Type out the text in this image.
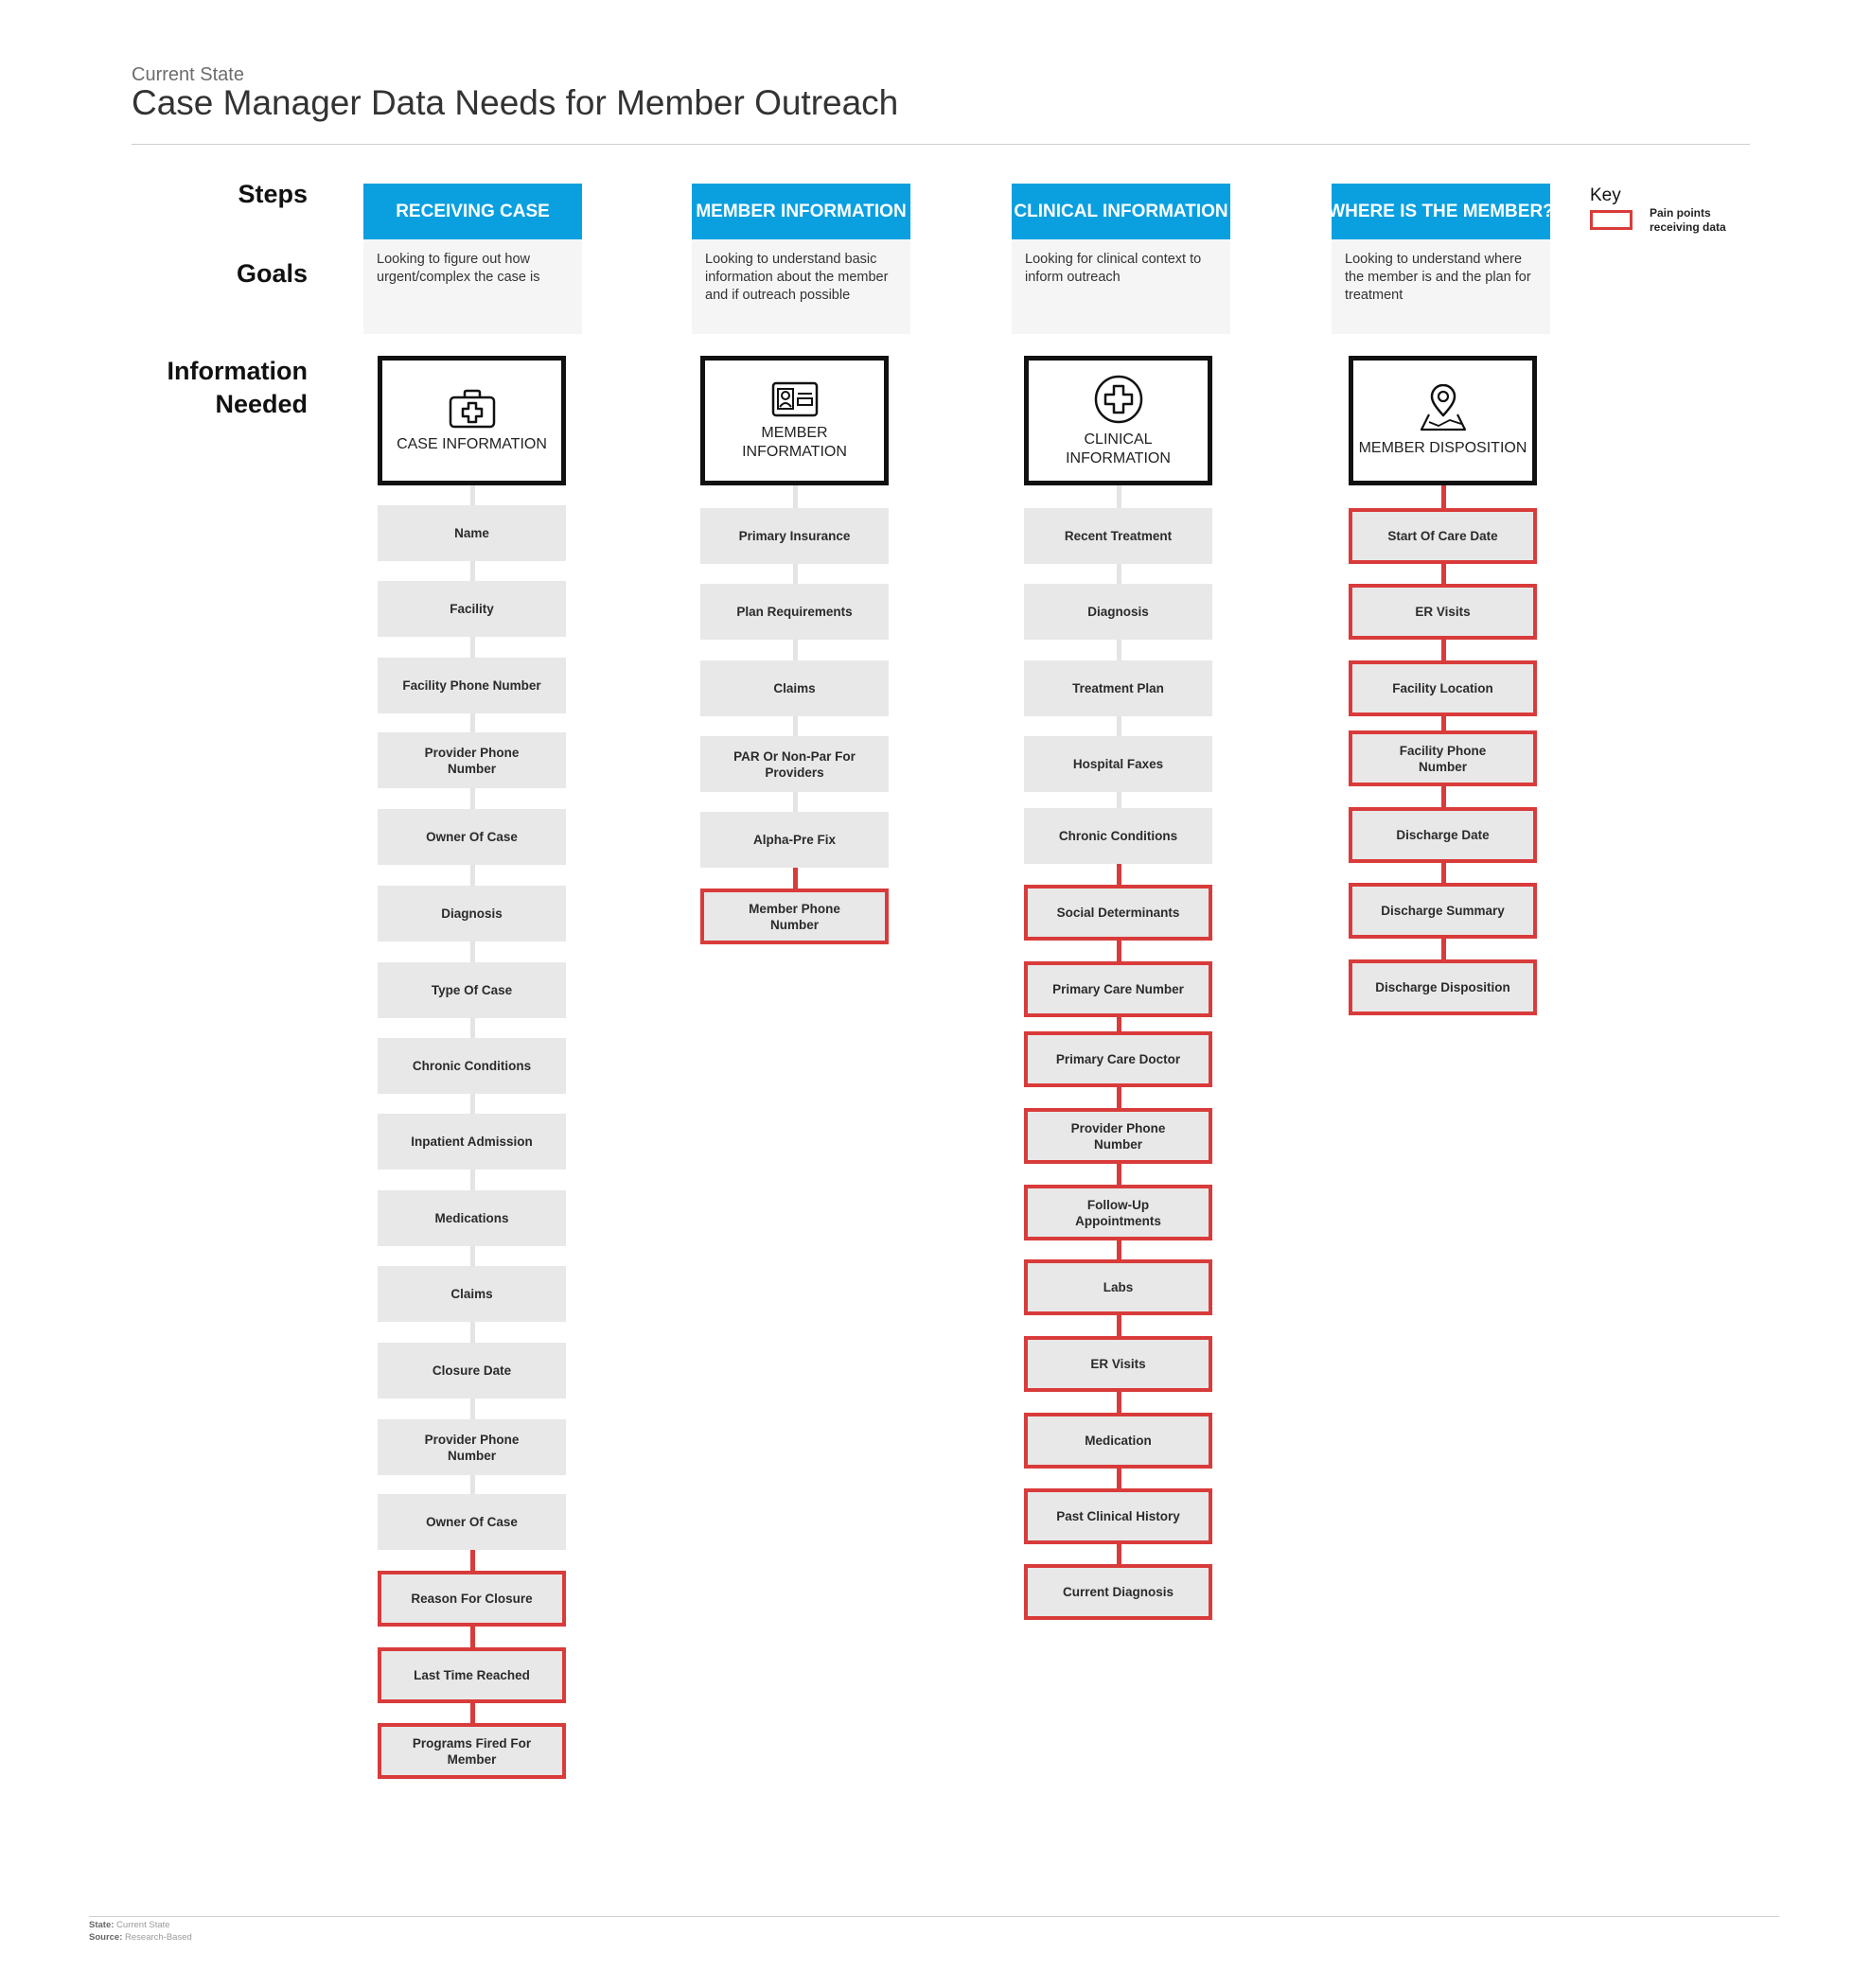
Current State
Case Manager Data Needs for Member Outreach
Steps
Goals
Information
Needed
RECEIVING CASE	MEMBER INFORMATION	CLINICAL INFORMATION	WHERE IS THE MEMBER?
Looking to figure out how urgent/complex the case is
Looking to understand basic information about the member and if outreach possible
Looking for clinical context to inform outreach
Looking to understand where the member is and the plan for treatment
CASE INFORMATION
MEMBER INFORMATION
CLINICAL INFORMATION
MEMBER DISPOSITION
Name
Facility
Facility Phone Number
Provider Phone Number
Owner Of Case
Diagnosis
Type Of Case
Chronic Conditions
Inpatient Admission
Medications
Claims
Closure Date
Provider Phone Number
Owner Of Case
Reason For Closure
Last Time Reached
Programs Fired For Member
Primary Insurance
Plan Requirements
Claims
PAR Or Non-Par For Providers
Alpha-Pre Fix
Member Phone Number
Recent Treatment
Diagnosis
Treatment Plan
Hospital Faxes
Chronic Conditions
Social Determinants
Primary Care Number
Primary Care Doctor
Provider Phone Number
Follow-Up Appointments
Labs
ER Visits
Medication
Past Clinical History
Current Diagnosis
Start Of Care Date
ER Visits
Facility Location
Facility Phone Number
Discharge Date
Discharge Summary
Discharge Disposition
Key
Pain points receiving data
State: Current State
Source: Research-Based
